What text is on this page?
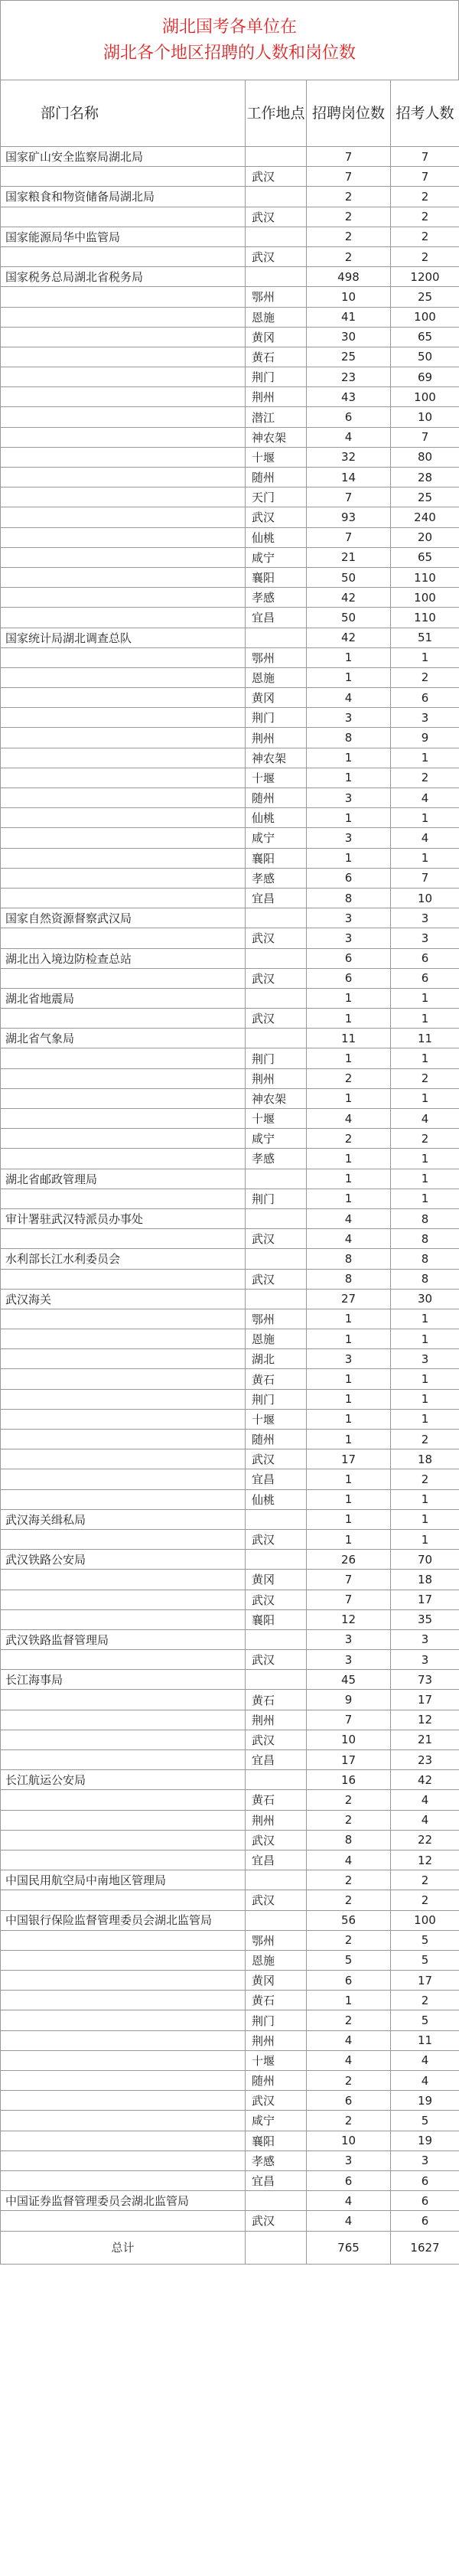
湖北国考各单位在
湖北各个地区招聘的人数和岗位数
部门名称	工作地点	招聘岗位数	招考人数
国家矿山安全监察局湖北局		7	7
	武汉	7	7
国家粮食和物资储备局湖北局		2	2
	武汉	2	2
国家能源局华中监管局		2	2
	武汉	2	2
国家税务总局湖北省税务局		498	1200
	鄂州	10	25
	恩施	41	100
	黄冈	30	65
	黄石	25	50
	荆门	23	69
	荆州	43	100
	潜江	6	10
	神农架	4	7
	十堰	32	80
	随州	14	28
	天门	7	25
	武汉	93	240
	仙桃	7	20
	咸宁	21	65
	襄阳	50	110
	孝感	42	100
	宜昌	50	110
国家统计局湖北调查总队		42	51
	鄂州	1	1
	恩施	1	2
	黄冈	4	6
	荆门	3	3
	荆州	8	9
	神农架	1	1
	十堰	1	2
	随州	3	4
	仙桃	1	1
	咸宁	3	4
	襄阳	1	1
	孝感	6	7
	宜昌	8	10
国家自然资源督察武汉局		3	3
	武汉	3	3
湖北出入境边防检查总站		6	6
	武汉	6	6
湖北省地震局		1	1
	武汉	1	1
湖北省气象局		11	11
	荆门	1	1
	荆州	2	2
	神农架	1	1
	十堰	4	4
	咸宁	2	2
	孝感	1	1
湖北省邮政管理局		1	1
	荆门	1	1
审计署驻武汉特派员办事处		4	8
	武汉	4	8
水利部长江水利委员会		8	8
	武汉	8	8
武汉海关		27	30
	鄂州	1	1
	恩施	1	1
	湖北	3	3
	黄石	1	1
	荆门	1	1
	十堰	1	1
	随州	1	2
	武汉	17	18
	宜昌	1	2
	仙桃	1	1
武汉海关缉私局		1	1
	武汉	1	1
武汉铁路公安局		26	70
	黄冈	7	18
	武汉	7	17
	襄阳	12	35
武汉铁路监督管理局		3	3
	武汉	3	3
长江海事局		45	73
	黄石	9	17
	荆州	7	12
	武汉	10	21
	宜昌	17	23
长江航运公安局		16	42
	黄石	2	4
	荆州	2	4
	武汉	8	22
	宜昌	4	12
中国民用航空局中南地区管理局		2	2
	武汉	2	2
中国银行保险监督管理委员会湖北监管局		56	100
	鄂州	2	5
	恩施	5	5
	黄冈	6	17
	黄石	1	2
	荆门	2	5
	荆州	4	11
	十堰	4	4
	随州	2	4
	武汉	6	19
	咸宁	2	5
	襄阳	10	19
	孝感	3	3
	宜昌	6	6
中国证券监督管理委员会湖北监管局		4	6
	武汉	4	6
总计		765	1627
